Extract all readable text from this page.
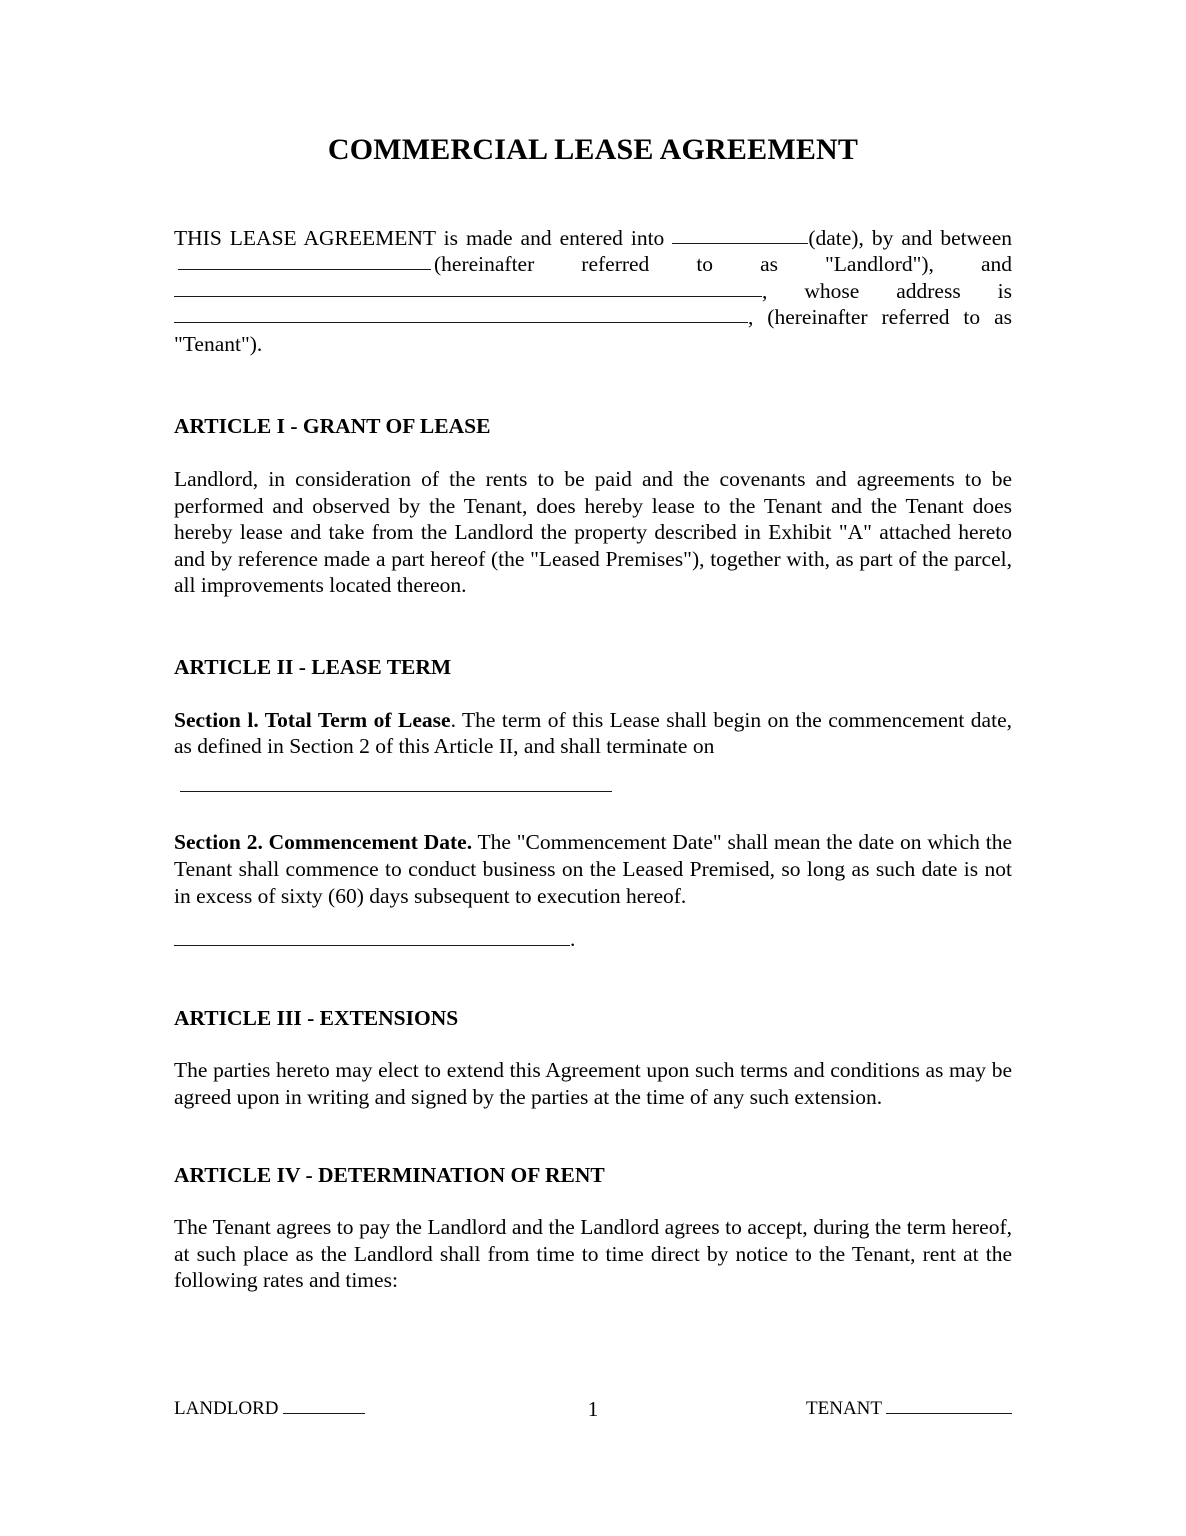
COMMERCIAL LEASE AGREEMENT

THIS LEASE AGREEMENT is made and entered into	(date), by and between (hereinafter referred to as "Landlord"), and , whose address is , (hereinafter referred to as "Tenant").

ARTICLE I - GRANT OF LEASE

Landlord, in consideration of the rents to be paid and the covenants and agreements to be performed and observed by the Tenant, does hereby lease to the Tenant and the Tenant does hereby lease and take from the Landlord the property described in Exhibit "A" attached hereto and by reference made a part hereof (the "Leased Premises"), together with, as part of the parcel, all improvements located thereon.

ARTICLE II - LEASE TERM

Section l. Total Term of Lease. The term of this Lease shall begin on the commencement date, as defined in Section 2 of this Article II, and shall terminate on

Section 2. Commencement Date. The "Commencement Date" shall mean the date on which the Tenant shall commence to conduct business on the Leased Premised, so long as such date is not in excess of sixty (60) days subsequent to execution hereof.

.
ARTICLE III - EXTENSIONS

The parties hereto may elect to extend this Agreement upon such terms and conditions as may be agreed upon in writing and signed by the parties at the time of any such extension.

ARTICLE IV - DETERMINATION OF RENT

The Tenant agrees to pay the Landlord and the Landlord agrees to accept, during the term hereof, at such place as the Landlord shall from time to time direct by notice to the Tenant, rent at the following rates and times:

LANDLORD	1	TENANT
